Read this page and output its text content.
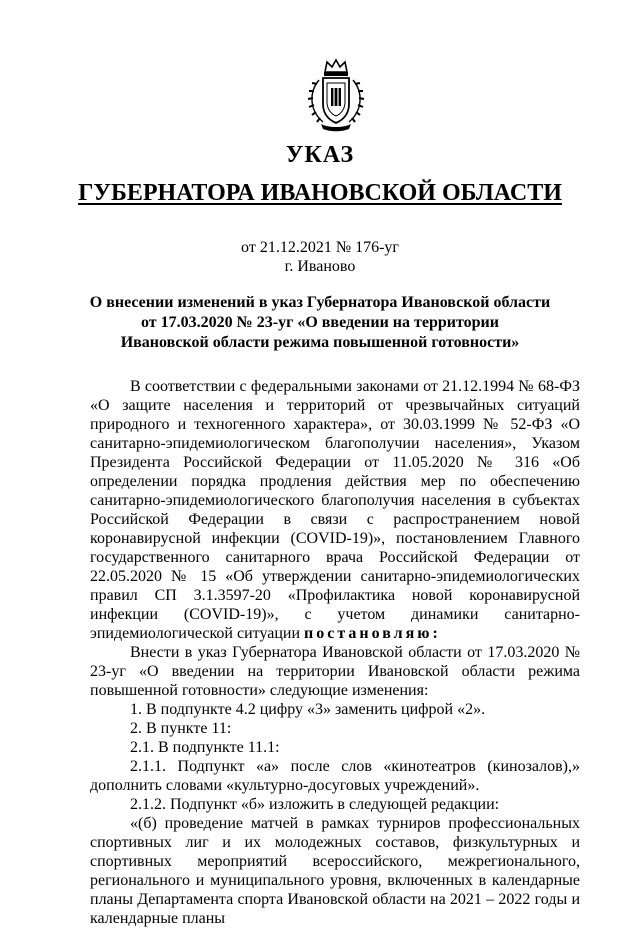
УКАЗ
ГУБЕРНАТОРА ИВАНОВСКОЙ ОБЛАСТИ
от 21.12.2021 № 176-уг
г. Иваново
О внесении изменений в указ Губернатора Ивановской области
от 17.03.2020 № 23-уг «О введении на территории
Ивановской области режима повышенной готовности»

В соответствии с федеральными законами от 21.12.1994 № 68-ФЗ «О защите населения и территорий от чрезвычайных ситуаций природного и техногенного характера», от 30.03.1999 № 52-ФЗ «О санитарно-эпидемиологическом благополучии населения», Указом Президента Российской Федерации от 11.05.2020 № 316 «Об определении порядка продления действия мер по обеспечению санитарно-эпидемиологического благополучия населения в субъектах Российской Федерации в связи с распространением новой коронавирусной инфекции (COVID-19)», постановлением Главного государственного санитарного врача Российской Федерации от 22.05.2020 № 15 «Об утверждении санитарно-эпидемиологических правил СП 3.1.3597-20 «Профилактика новой коронавирусной инфекции (COVID-19)», с учетом динамики санитарно-эпидемиологической ситуации постановляю:

Внести в указ Губернатора Ивановской области от 17.03.2020 № 23-уг «О введении на территории Ивановской области режима повышенной готовности» следующие изменения:

1. В подпункте 4.2 цифру «3» заменить цифрой «2».

2. В пункте 11:

2.1. В подпункте 11.1:

2.1.1. Подпункт «а» после слов «кинотеатров (кинозалов),» дополнить словами «культурно-досуговых учреждений».

2.1.2. Подпункт «б» изложить в следующей редакции:

«(б) проведение матчей в рамках турниров профессиональных спортивных лиг и их молодежных составов, физкультурных и спортивных мероприятий всероссийского, межрегионального, регионального и муниципального уровня, включенных в календарные планы Департамента спорта Ивановской области на 2021 – 2022 годы и календарные планы
